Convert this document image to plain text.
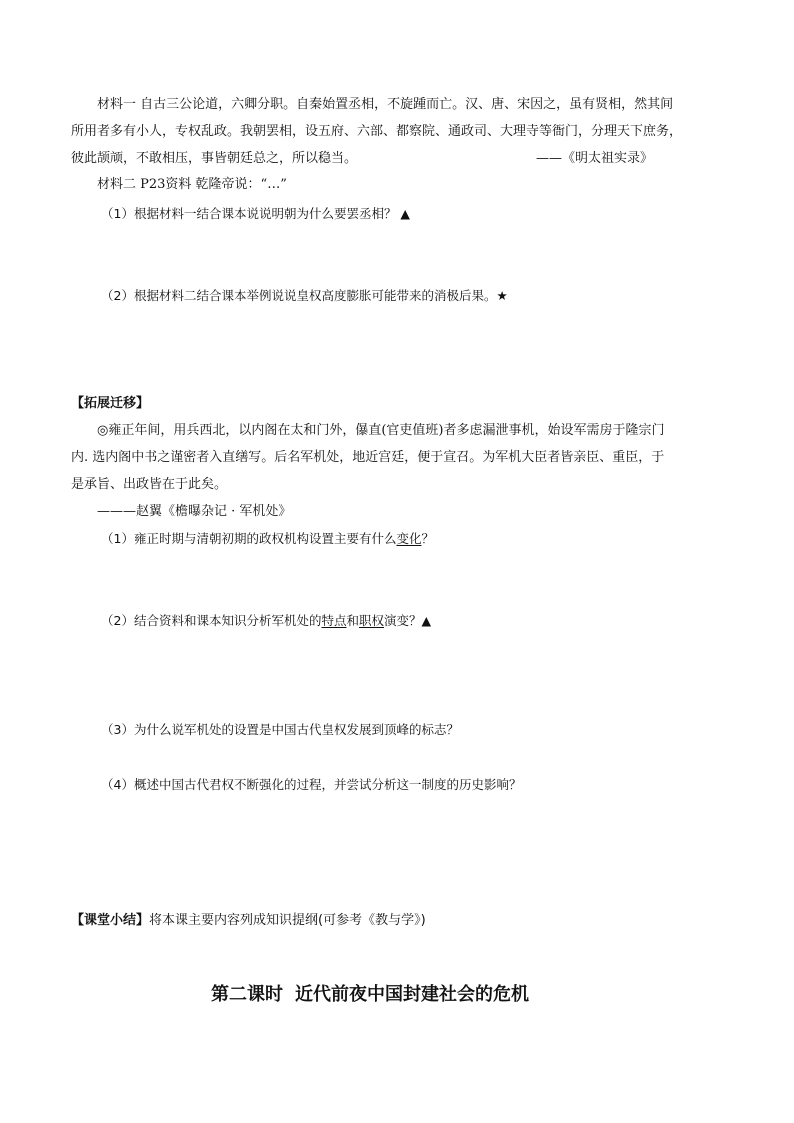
材料一 自古三公论道，六卿分职。自秦始置丞相，不旋踵而亡。汉、唐、宋因之，虽有贤相，然其间
所用者多有小人，专权乱政。我朝罢相，设五府、六部、都察院、通政司、大理寺等衙门，分理天下庶务，
彼此颉颃，不敢相压，事皆朝廷总之，所以稳当。	——《明太祖实录》
材料二 P23资料 乾隆帝说：“…”
（1）根据材料一结合课本说说明朝为什么要罢丞相？ ▲
（2）根据材料二结合课本举例说说皇权高度膨胀可能带来的消极后果。★
【拓展迁移】
◎雍正年间，用兵西北，以内阁在太和门外，儤直(官吏值班)者多虑漏泄事机，始设军需房于隆宗门
内. 选内阁中书之谨密者入直缮写。后名军机处，地近宫廷，便于宣召。为军机大臣者皆亲臣、重臣，于
是承旨、出政皆在于此矣。
———赵翼《檐曝杂记 · 军机处》
（1）雍正时期与清朝初期的政权机构设置主要有什么变化？
（2）结合资料和课本知识分析军机处的特点和职权演变？▲
（3）为什么说军机处的设置是中国古代皇权发展到顶峰的标志？
（4）概述中国古代君权不断强化的过程，并尝试分析这一制度的历史影响？
【课堂小结】将本课主要内容列成知识提纲(可参考《教与学》)
第二课时 近代前夜中国封建社会的危机
